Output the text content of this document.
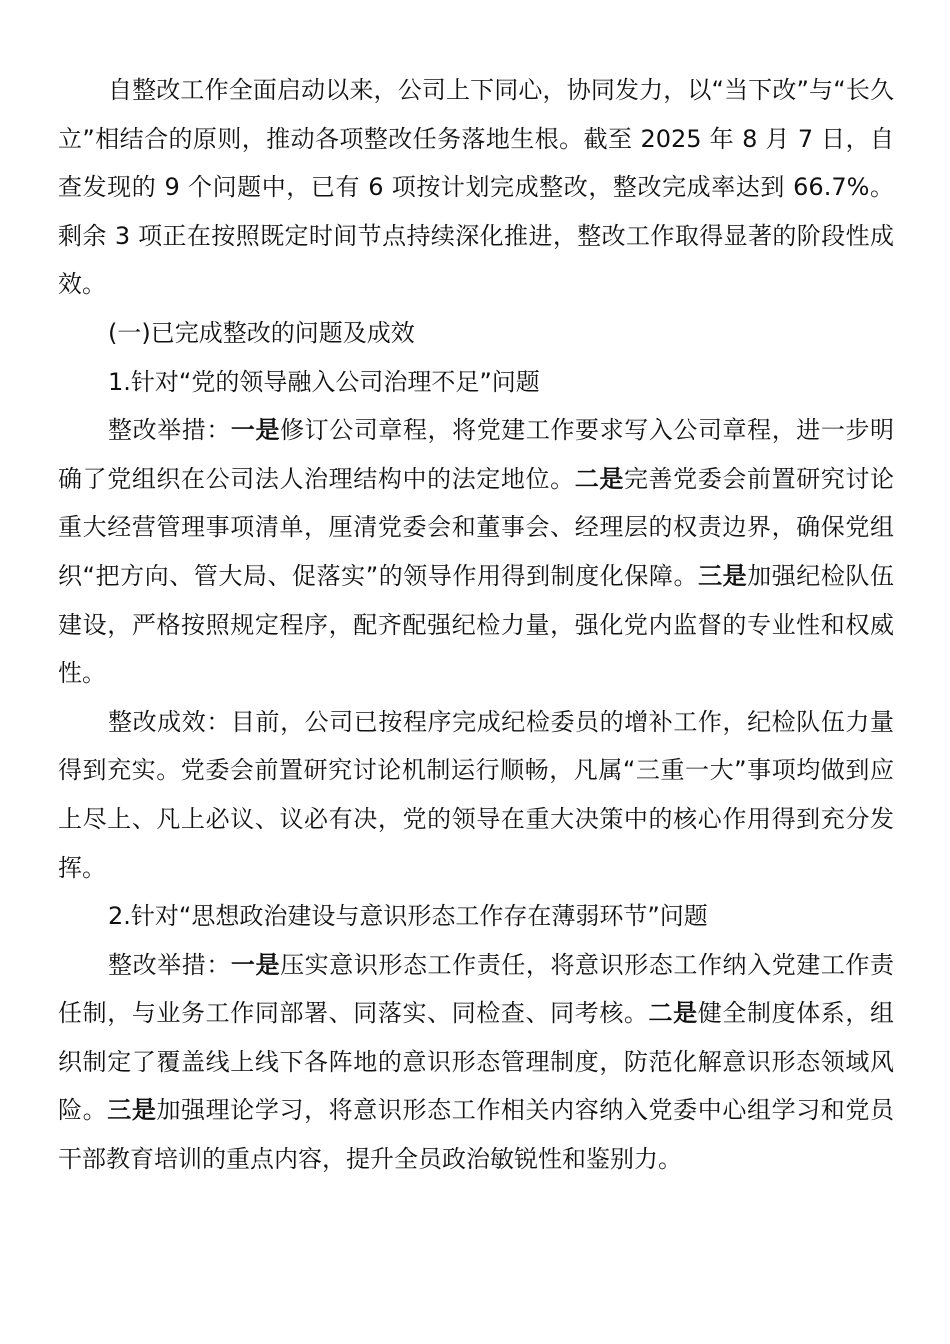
自整改工作全面启动以来，公司上下同心，协同发力，以“当下改”与“长久立”相结合的原则，推动各项整改任务落地生根。截至 2025 年 8 月 7 日，自查发现的 9 个问题中，已有 6 项按计划完成整改，整改完成率达到 66.7%。剩余 3 项正在按照既定时间节点持续深化推进，整改工作取得显著的阶段性成效。

(一)已完成整改的问题及成效

1.针对“党的领导融入公司治理不足”问题

整改举措：一是修订公司章程，将党建工作要求写入公司章程，进一步明确了党组织在公司法人治理结构中的法定地位。二是完善党委会前置研究讨论重大经营管理事项清单，厘清党委会和董事会、经理层的权责边界，确保党组织“把方向、管大局、促落实”的领导作用得到制度化保障。三是加强纪检队伍建设，严格按照规定程序，配齐配强纪检力量，强化党内监督的专业性和权威性。

整改成效：目前，公司已按程序完成纪检委员的增补工作，纪检队伍力量得到充实。党委会前置研究讨论机制运行顺畅，凡属“三重一大”事项均做到应上尽上、凡上必议、议必有决，党的领导在重大决策中的核心作用得到充分发挥。

2.针对“思想政治建设与意识形态工作存在薄弱环节”问题

整改举措：一是压实意识形态工作责任，将意识形态工作纳入党建工作责任制，与业务工作同部署、同落实、同检查、同考核。二是健全制度体系，组织制定了覆盖线上线下各阵地的意识形态管理制度，防范化解意识形态领域风险。三是加强理论学习，将意识形态工作相关内容纳入党委中心组学习和党员干部教育培训的重点内容，提升全员政治敏锐性和鉴别力。
